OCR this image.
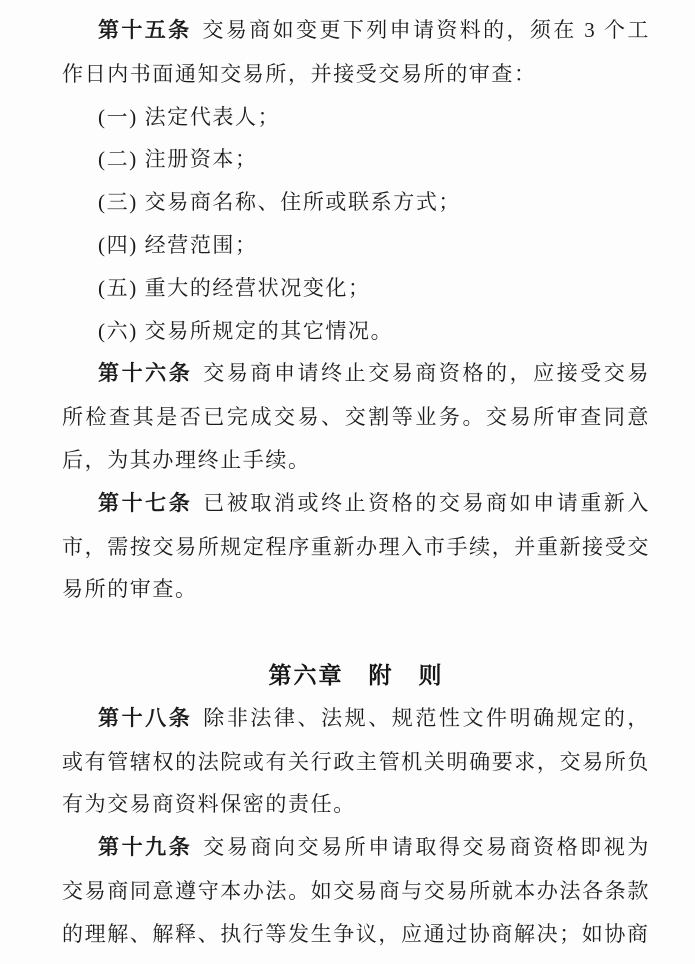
第十五条 交易商如变更下列申请资料的，须在 3 个工作日内书面通知交易所，并接受交易所的审查：

(一) 法定代表人；

(二) 注册资本；

(三) 交易商名称、住所或联系方式；

(四) 经营范围；

(五) 重大的经营状况变化；

(六) 交易所规定的其它情况。

第十六条 交易商申请终止交易商资格的，应接受交易所检查其是否已完成交易、交割等业务。交易所审查同意后，为其办理终止手续。

第十七条 已被取消或终止资格的交易商如申请重新入市，需按交易所规定程序重新办理入市手续，并重新接受交易所的审查。

第六章　附　则

第十八条 除非法律、法规、规范性文件明确规定的，或有管辖权的法院或有关行政主管机关明确要求，交易所负有为交易商资料保密的责任。

第十九条 交易商向交易所申请取得交易商资格即视为交易商同意遵守本办法。如交易商与交易所就本办法各条款的理解、解释、执行等发生争议，应通过协商解决；如协商
